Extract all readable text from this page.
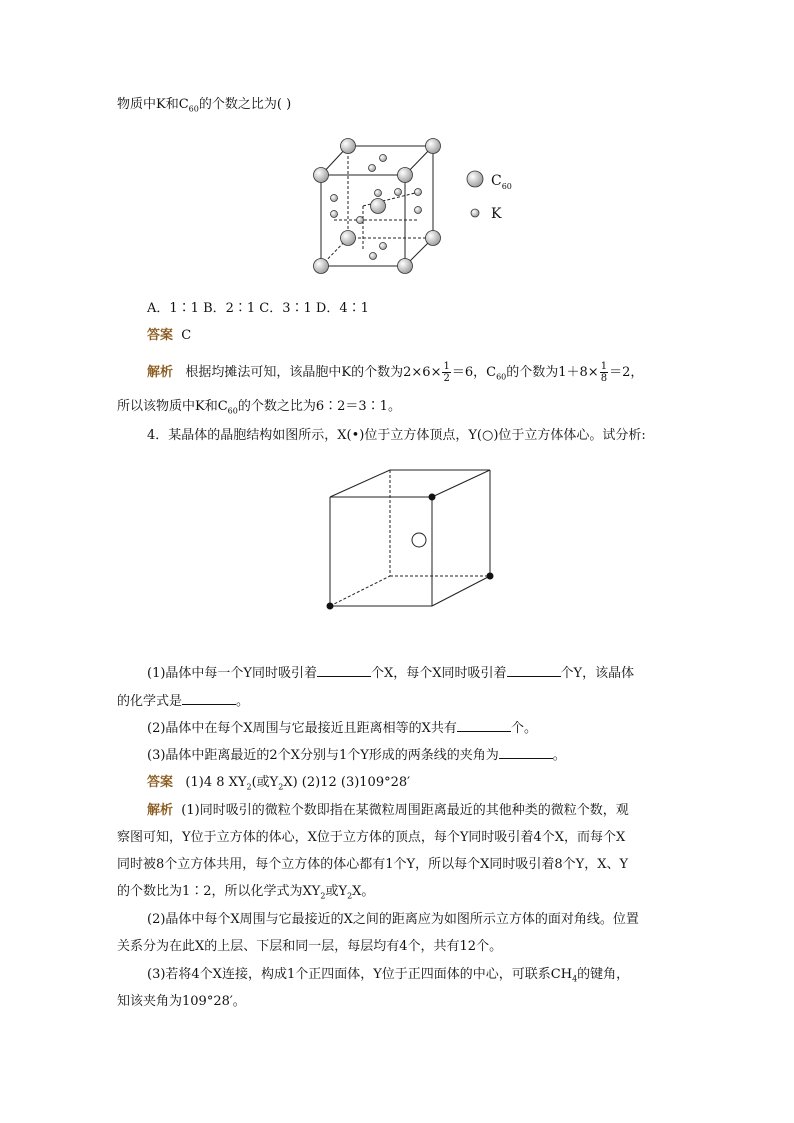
物质中K和$C_{60}$的个数之比为( )
$C_{60}$
K
A．1∶1 B．2∶1 C．3∶1 D．4∶1
答案 C
解析 根据均摊法可知，该晶胞中K的个数为$2\times 6\times \frac{1}{2} =6$，$C_{60}$的个数为$1+8\times \frac{1}{8} =2$，
所以该物质中K和$C_{60}$的个数之比为6∶2＝3∶1。
4．某晶体的晶胞结构如图所示，X(•)位于立方体顶点，Y(○)位于立方体体心。试分析:
(1)晶体中每一个Y同时吸引着	个X，每个X同时吸引着	个Y，该晶体
的化学式是	。
(2)晶体中在每个X周围与它最接近且距离相等的X共有	个。
(3)晶体中距离最近的2个X分别与1个Y形成的两条线的夹角为	。
答案 (1)4 8 $XY_2$(或$Y_2X$) (2)12 (3)109°28′
解析 (1)同时吸引的微粒个数即指在某微粒周围距离最近的其他种类的微粒个数，观
察图可知，Y位于立方体的体心，X位于立方体的顶点，每个Y同时吸引着4个X，而每个X
同时被8个立方体共用，每个立方体的体心都有1个Y，所以每个X同时吸引着8个Y，X、Y
的个数比为1∶2，所以化学式为$XY_2$或$Y_2X$。
(2)晶体中每个X周围与它最接近的X之间的距离应为如图所示立方体的面对角线。位置
关系分为在此X的上层、下层和同一层，每层均有4个，共有12个。
(3)若将4个X连接，构成1个正四面体，Y位于正四面体的中心，可联系$CH_4$的键角，
知该夹角为109°28′。
